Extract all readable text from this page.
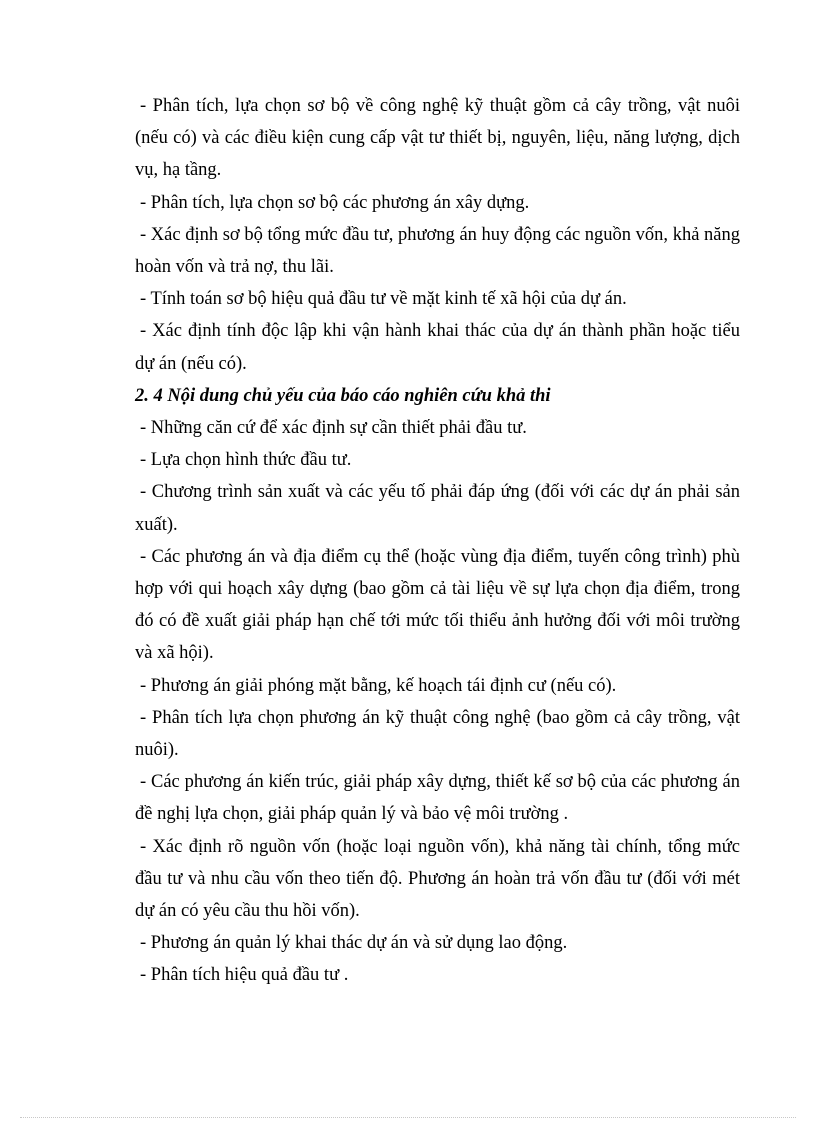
- Phân tích, lựa chọn sơ bộ về công nghệ kỹ thuật gồm cả cây trồng, vật nuôi (nếu có) và các điều kiện cung cấp vật tư thiết bị, nguyên, liệu, năng lượng, dịch vụ, hạ tầng.

- Phân tích, lựa chọn sơ bộ các phương án xây dựng.

- Xác định sơ bộ tổng mức đầu tư, phương án huy động các nguồn vốn, khả năng hoàn vốn và trả nợ, thu lãi.

- Tính toán sơ bộ hiệu quả đầu tư về mặt kinh tế xã hội của dự án.

- Xác định tính độc lập khi vận hành khai thác của dự án thành phần hoặc tiểu dự án (nếu có).

2. 4 Nội dung chủ yếu của báo cáo nghiên cứu khả thi

- Những căn cứ để xác định sự cần thiết phải đầu tư.

- Lựa chọn hình thức đầu tư.

- Chương trình sản xuất và các yếu tố phải đáp ứng (đối với các dự án phải sản xuất).

- Các phương án và địa điểm cụ thể (hoặc vùng địa điểm, tuyến công trình) phù hợp với qui hoạch xây dựng (bao gồm cả tài liệu về sự lựa chọn địa điểm, trong đó có đề xuất giải pháp hạn chế tới mức tối thiểu ảnh hưởng đối với môi trường và xã hội).

- Phương án giải phóng mặt bằng, kế hoạch tái định cư (nếu có).

- Phân tích lựa chọn phương án kỹ thuật công nghệ (bao gồm cả cây trồng, vật nuôi).

- Các phương án kiến trúc, giải pháp xây dựng, thiết kế sơ bộ của các phương án đề nghị lựa chọn, giải pháp quản lý và bảo vệ môi trường .

- Xác định rõ nguồn vốn (hoặc loại nguồn vốn), khả năng tài chính, tổng mức đầu tư và nhu cầu vốn theo tiến độ. Phương án hoàn trả vốn đầu tư (đối với mét dự án có yêu cầu thu hồi vốn).

- Phương án quản lý khai thác dự án và sử dụng lao động.

- Phân tích hiệu quả đầu tư .
